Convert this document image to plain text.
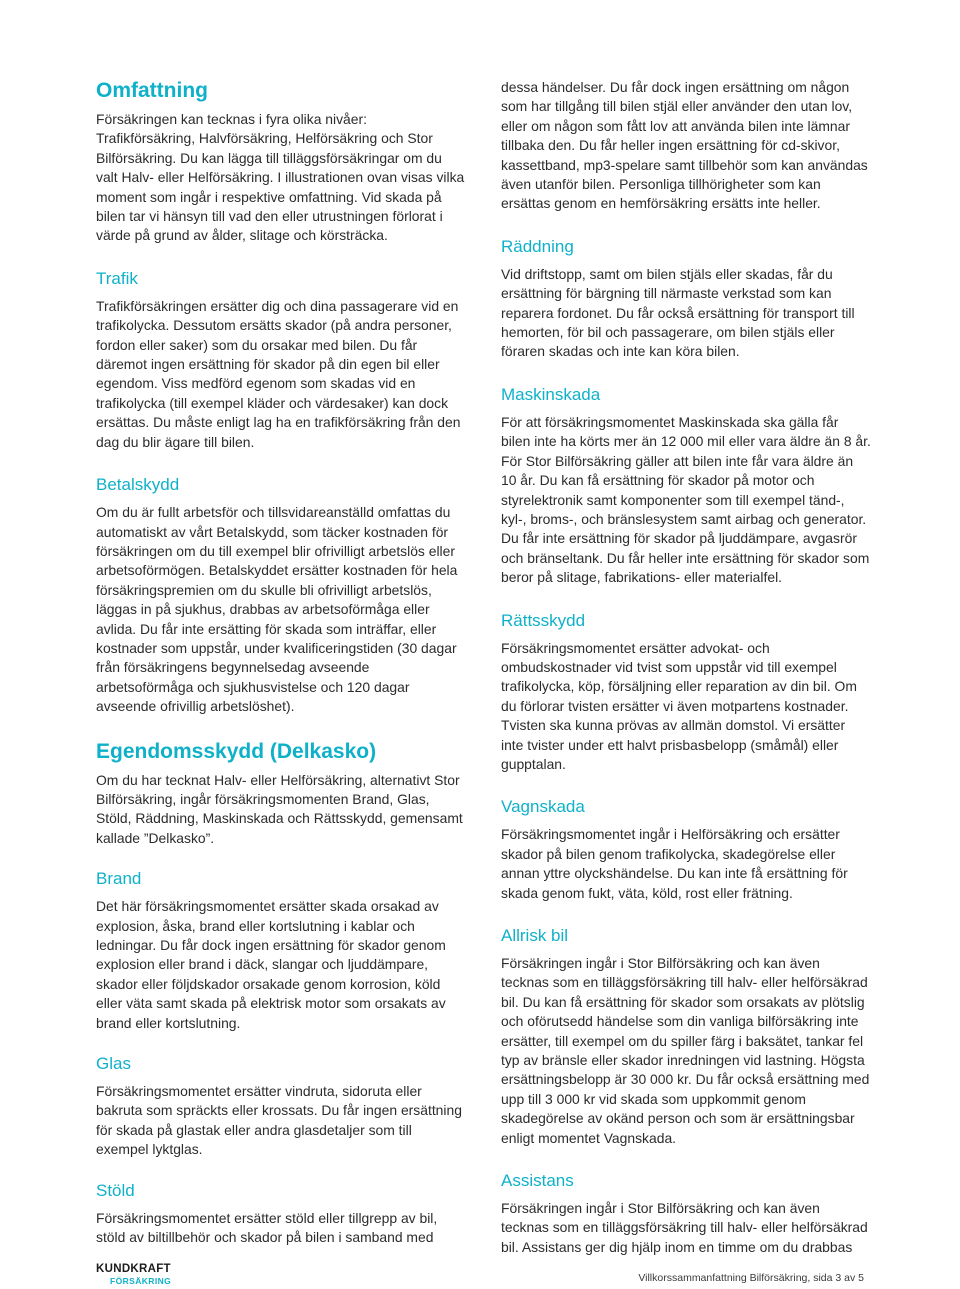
Omfattning

Försäkringen kan tecknas i fyra olika nivåer: Trafikförsäkring, Halvförsäkring, Helförsäkring och Stor Bilförsäkring. Du kan lägga till tilläggsförsäkringar om du valt Halv- eller Helförsäkring. I illustrationen ovan visas vilka moment som ingår i respektive omfattning. Vid skada på bilen tar vi hänsyn till vad den eller utrustningen förlorat i värde på grund av ålder, slitage och körsträcka.

Trafik

Trafikförsäkringen ersätter dig och dina passagerare vid en trafikolycka. Dessutom ersätts skador (på andra personer, fordon eller saker) som du orsakar med bilen. Du får däremot ingen ersättning för skador på din egen bil eller egendom. Viss medförd egenom som skadas vid en trafikolycka (till exempel kläder och värdesaker) kan dock ersättas. Du måste enligt lag ha en trafikförsäkring från den dag du blir ägare till bilen.

Betalskydd

Om du är fullt arbetsför och tillsvidareanställd omfattas du automatiskt av vårt Betalskydd, som täcker kostnaden för försäkringen om du till exempel blir ofrivilligt arbetslös eller arbetsoförmögen. Betalskyddet ersätter kostnaden för hela försäkringspremien om du skulle bli ofrivilligt arbetslös, läggas in på sjukhus, drabbas av arbetsoförmåga eller avlida. Du får inte ersätting för skada som inträffar, eller kostnader som uppstår, under kvalificeringstiden (30 dagar från försäkringens begynnelsedag avseende arbetsoförmåga och sjukhusvistelse och 120 dagar avseende ofrivillig arbetslöshet).

Egendomsskydd (Delkasko)

Om du har tecknat Halv- eller Helförsäkring, alternativt Stor Bilförsäkring, ingår försäkringsmomenten Brand, Glas, Stöld, Räddning, Maskinskada och Rättsskydd, gemensamt kallade ”Delkasko”.

Brand

Det här försäkringsmomentet ersätter skada orsakad av explosion, åska, brand eller kortslutning i kablar och ledningar. Du får dock ingen ersättning för skador genom explosion eller brand i däck, slangar och ljuddämpare, skador eller följdskador orsakade genom korrosion, köld eller väta samt skada på elektrisk motor som orsakats av brand eller kortslutning.

Glas

Försäkringsmomentet ersätter vindruta, sidoruta eller bakruta som spräckts eller krossats. Du får ingen ersättning för skada på glastak eller andra glasdetaljer som till exempel lyktglas.

Stöld

Försäkringsmomentet ersätter stöld eller tillgrepp av bil, stöld av biltillbehör och skador på bilen i samband med

dessa händelser. Du får dock ingen ersättning om någon som har tillgång till bilen stjäl eller använder den utan lov, eller om någon som fått lov att använda bilen inte lämnar tillbaka den. Du får heller ingen ersättning för cd-skivor, kassettband, mp3-spelare samt tillbehör som kan användas även utanför bilen. Personliga tillhörigheter som kan ersättas genom en hemförsäkring ersätts inte heller.

Räddning

Vid driftstopp, samt om bilen stjäls eller skadas, får du ersättning för bärgning till närmaste verkstad som kan reparera fordonet. Du får också ersättning för transport till hemorten, för bil och passagerare, om bilen stjäls eller föraren skadas och inte kan köra bilen.

Maskinskada

För att försäkringsmomentet Maskinskada ska gälla får bilen inte ha körts mer än 12 000 mil eller vara äldre än 8 år. För Stor Bilförsäkring gäller att bilen inte får vara äldre än 10 år. Du kan få ersättning för skador på motor och styrelektronik samt komponenter som till exempel tänd-, kyl-, broms-, och bränslesystem samt airbag och generator. Du får inte ersättning för skador på ljuddämpare, avgasrör och bränseltank. Du får heller inte ersättning för skador som beror på slitage, fabrikations- eller materialfel.

Rättsskydd

Försäkringsmomentet ersätter advokat- och ombudskostnader vid tvist som uppstår vid till exempel trafikolycka, köp, försäljning eller reparation av din bil. Om du förlorar tvisten ersätter vi även motpartens kostnader. Tvisten ska kunna prövas av allmän domstol. Vi ersätter inte tvister under ett halvt prisbasbelopp (småmål) eller gupptalan.

Vagnskada

Försäkringsmomentet ingår i Helförsäkring och ersätter skador på bilen genom trafikolycka, skadegörelse eller annan yttre olyckshändelse. Du kan inte få ersättning för skada genom fukt, väta, köld, rost eller frätning.

Allrisk bil

Försäkringen ingår i Stor Bilförsäkring och kan även tecknas som en tilläggsförsäkring till halv- eller helförsäkrad bil. Du kan få ersättning för skador som orsakats av plötslig och oförutsedd händelse som din vanliga bilförsäkring inte ersätter, till exempel om du spiller färg i baksätet, tankar fel typ av bränsle eller skador inredningen vid lastning. Högsta ersättningsbelopp är 30 000 kr. Du får också ersättning med upp till 3 000 kr vid skada som uppkommit genom skadegörelse av okänd person och som är ersättningsbar enligt momentet Vagnskada.

Assistans

Försäkringen ingår i Stor Bilförsäkring och kan även tecknas som en tilläggsförsäkring till halv- eller helförsäkrad bil. Assistans ger dig hjälp inom en timme om du drabbas

KUNDKRAFT
FÖRSÄKRING	Villkorssammanfattning Bilförsäkring, sida 3 av 5
